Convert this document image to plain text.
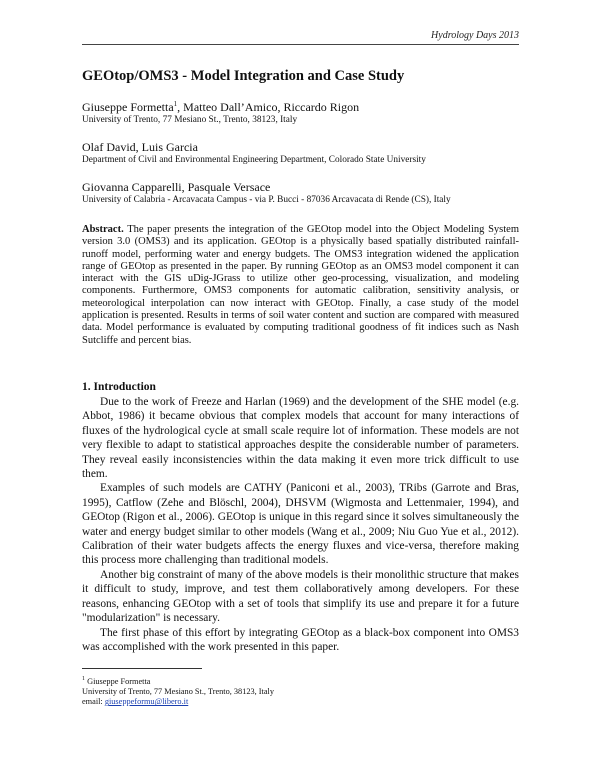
Hydrology Days 2013
GEOtop/OMS3 - Model Integration and Case Study
Giuseppe Formetta$^1$, Matteo Dall’Amico, Riccardo Rigon
University of Trento, 77 Mesiano St., Trento, 38123, Italy
Olaf David, Luis Garcia
Department of Civil and Environmental Engineering Department, Colorado State University
Giovanna Capparelli, Pasquale Versace
University of Calabria - Arcavacata Campus - via P. Bucci - 87036 Arcavacata di Rende (CS), Italy
Abstract. The paper presents the integration of the GEOtop model into the Object Modeling System version 3.0 (OMS3) and its application. GEOtop is a physically based spatially distributed rainfall-runoff model, performing water and energy budgets. The OMS3 integration widened the application range of GEOtop as presented in the paper. By running GEOtop as an OMS3 model component it can interact with the GIS uDig-JGrass to utilize other geo-processing, visualization, and modeling components. Furthermore, OMS3 components for automatic calibration, sensitivity analysis, or meteorological interpolation can now interact with GEOtop. Finally, a case study of the model application is presented. Results in terms of soil water content and suction are compared with measured data. Model performance is evaluated by computing traditional goodness of fit indices such as Nash Sutcliffe and percent bias.
1. Introduction

Due to the work of Freeze and Harlan (1969) and the development of the SHE model (e.g. Abbot, 1986) it became obvious that complex models that account for many interactions of fluxes of the hydrological cycle at small scale require lot of information. These models are not very flexible to adapt to statistical approaches despite the considerable number of parameters. They reveal easily inconsistencies within the data making it even more trick difficult to use them.

Examples of such models are CATHY (Paniconi et al., 2003), TRibs (Garrote and Bras, 1995), Catflow (Zehe and Blöschl, 2004), DHSVM (Wigmosta and Lettenmaier, 1994), and GEOtop (Rigon et al., 2006). GEOtop is unique in this regard since it solves simultaneously the water and energy budget similar to other models (Wang et al., 2009; Niu Guo Yue et al., 2012). Calibration of their water budgets affects the energy fluxes and vice-versa, therefore making this process more challenging than traditional models.

Another big constraint of many of the above models is their monolithic structure that makes it difficult to study, improve, and test them collaboratively among developers. For these reasons, enhancing GEOtop with a set of tools that simplify its use and prepare it for a future "modularization" is necessary.

The first phase of this effort by integrating GEOtop as a black-box component into OMS3 was accomplished with the work presented in this paper.

$^1$ Giuseppe Formetta
University of Trento, 77 Mesiano St., Trento, 38123, Italy
email: giuseppeformu@libero.it
